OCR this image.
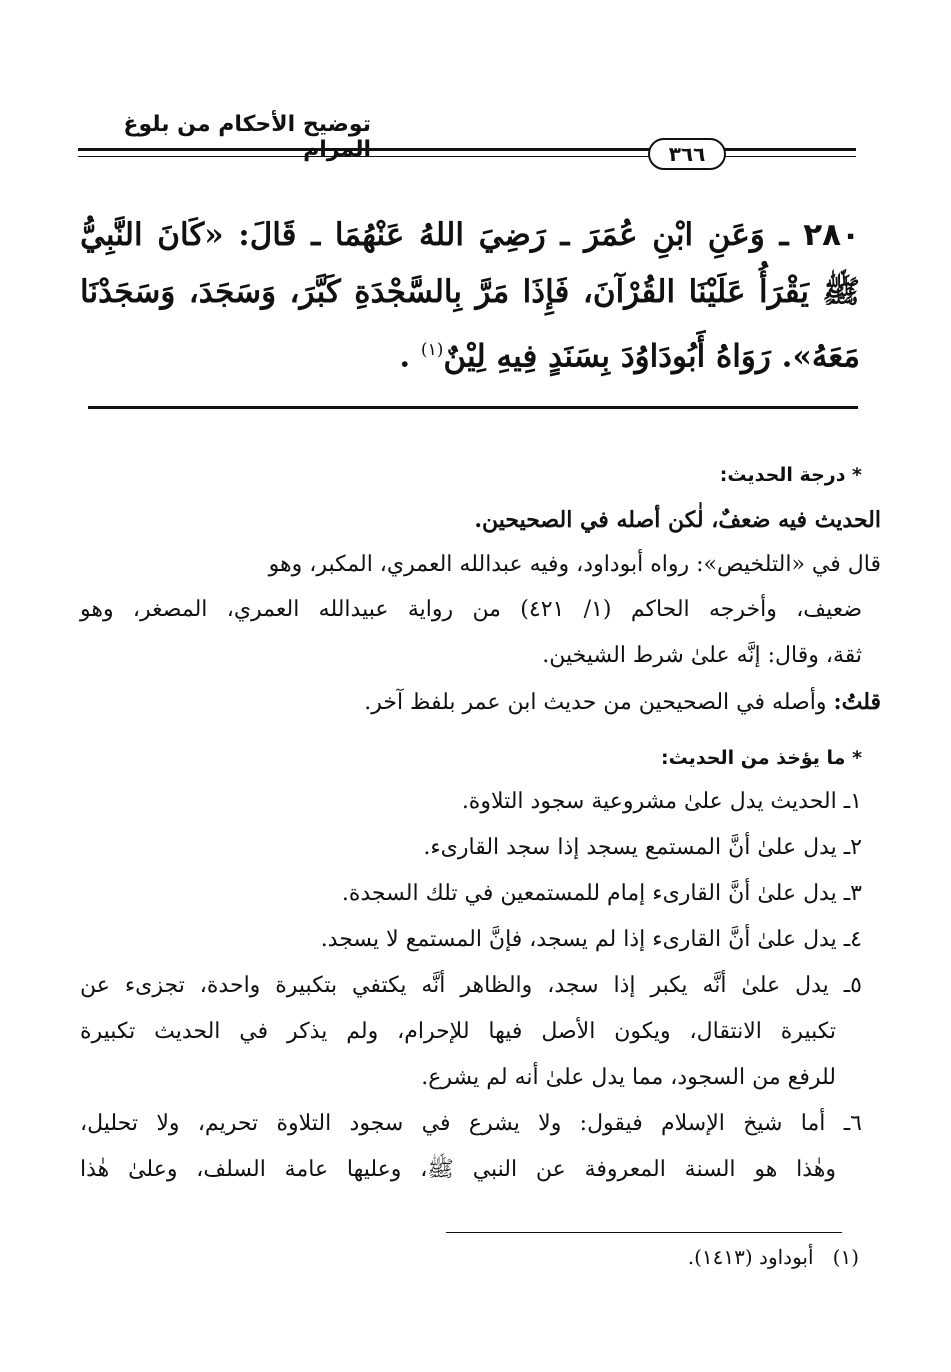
توضيح الأحكام من بلوغ المرام	٣٦٦
٢٨٠ ـ وَعَنِ ابْنِ عُمَرَ ـ رَضِيَ اللهُ عَنْهُمَا ـ قَالَ: «كَانَ النَّبِيُّ
ﷺ يَقْرَأُ عَلَيْنَا القُرْآنَ، فَإِذَا مَرَّ بِالسَّجْدَةِ كَبَّرَ، وَسَجَدَ، وَسَجَدْنَا
مَعَهُ». رَوَاهُ أَبُودَاوُدَ بِسَنَدٍ فِيهِ لِيْنٌ$^{(١)}$ .
* درجة الحديث:
الحديث فيه ضعفٌ، لٰكن أصله في الصحيحين.
قال في «التلخيص»: رواه أبوداود، وفيه عبدالله العمري، المكبر، وهو
ضعيف، وأخرجه الحاكم (١/ ٤٢١) من رواية عبيدالله العمري، المصغر، وهو
ثقة، وقال: إنَّه علىٰ شرط الشيخين.
قلتُ: وأصله في الصحيحين من حديث ابن عمر بلفظ آخر.
* ما يؤخذ من الحديث:
١ـ الحديث يدل علىٰ مشروعية سجود التلاوة.
٢ـ يدل علىٰ أنَّ المستمع يسجد إذا سجد القارىء.
٣ـ يدل علىٰ أنَّ القارىء إمام للمستمعين في تلك السجدة.
٤ـ يدل علىٰ أنَّ القارىء إذا لم يسجد، فإنَّ المستمع لا يسجد.
٥ـ يدل علىٰ أنَّه يكبر إذا سجد، والظاهر أنَّه يكتفي بتكبيرة واحدة، تجزىء عن
تكبيرة الانتقال، ويكون الأصل فيها للإحرام، ولم يذكر في الحديث تكبيرة
للرفع من السجود، مما يدل علىٰ أنه لم يشرع.
٦ـ أما شيخ الإسلام فيقول: ولا يشرع في سجود التلاوة تحريم، ولا تحليل،
وهٰذا هو السنة المعروفة عن النبي ﷺ، وعليها عامة السلف، وعلىٰ هٰذا
(١)   أبوداود (١٤١٣).
